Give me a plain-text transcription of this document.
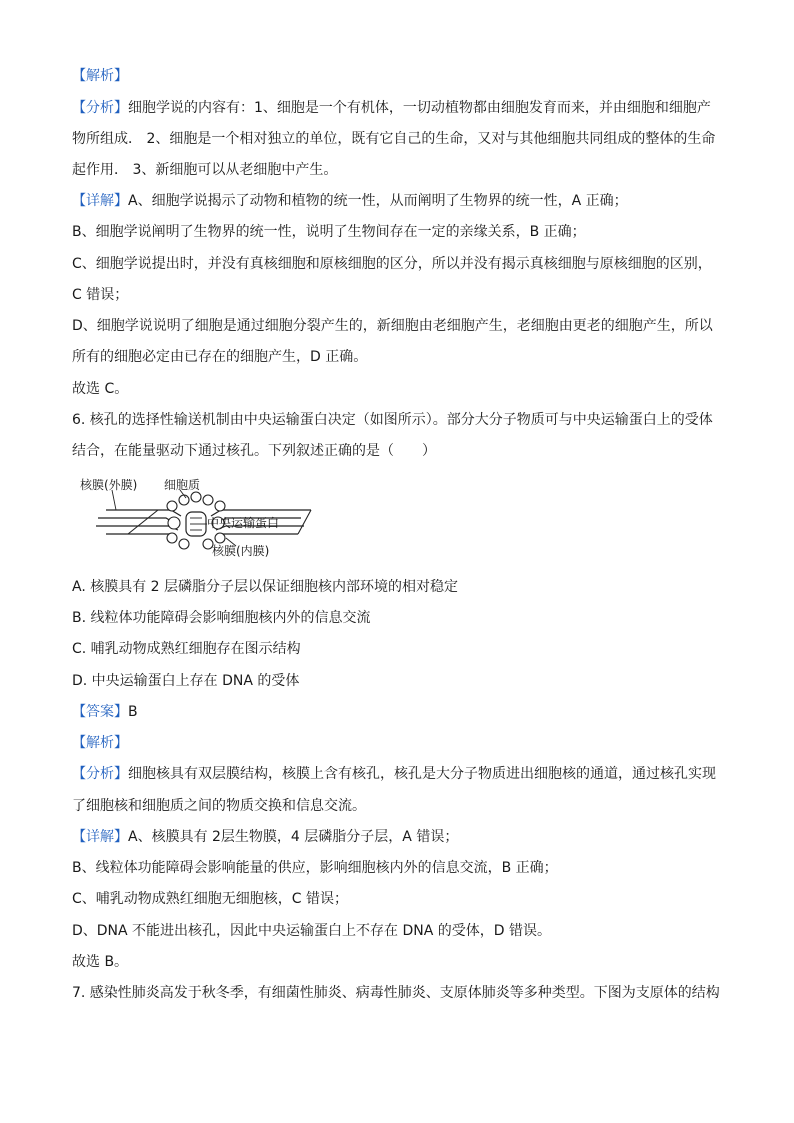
【解析】
【分析】细胞学说的内容有：1、细胞是一个有机体，一切动植物都由细胞发育而来，并由细胞和细胞产
物所组成． 2、细胞是一个相对独立的单位，既有它自己的生命，又对与其他细胞共同组成的整体的生命
起作用． 3、新细胞可以从老细胞中产生。
【详解】A、细胞学说揭示了动物和植物的统一性，从而阐明了生物界的统一性，A 正确；
B、细胞学说阐明了生物界的统一性，说明了生物间存在一定的亲缘关系，B 正确；
C、细胞学说提出时，并没有真核细胞和原核细胞的区分，所以并没有揭示真核细胞与原核细胞的区别，
C 错误；
D、细胞学说说明了细胞是通过细胞分裂产生的，新细胞由老细胞产生，老细胞由更老的细胞产生，所以
所有的细胞必定由已存在的细胞产生，D 正确。
故选 C。
6. 核孔的选择性输送机制由中央运输蛋白决定（如图所示）。部分大分子物质可与中央运输蛋白上的受体
结合，在能量驱动下通过核孔。下列叙述正确的是（　　）
核膜(外膜) 细胞质
中央运输蛋白
核膜(内膜)
A. 核膜具有 2 层磷脂分子层以保证细胞核内部环境的相对稳定
B. 线粒体功能障碍会影响细胞核内外的信息交流
C. 哺乳动物成熟红细胞存在图示结构
D. 中央运输蛋白上存在 DNA 的受体
【答案】B
【解析】
【分析】细胞核具有双层膜结构，核膜上含有核孔，核孔是大分子物质进出细胞核的通道，通过核孔实现
了细胞核和细胞质之间的物质交换和信息交流。
【详解】A、核膜具有 2层生物膜，4 层磷脂分子层，A 错误；
B、线粒体功能障碍会影响能量的供应，影响细胞核内外的信息交流，B 正确；
C、哺乳动物成熟红细胞无细胞核，C 错误；
D、DNA 不能进出核孔，因此中央运输蛋白上不存在 DNA 的受体，D 错误。
故选 B。
7. 感染性肺炎高发于秋冬季，有细菌性肺炎、病毒性肺炎、支原体肺炎等多种类型。下图为支原体的结构
